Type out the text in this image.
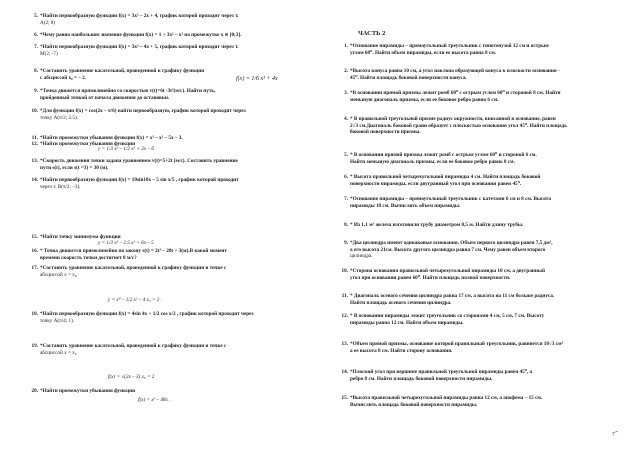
5. *Найти первообразную функции f(x) = 3x² – 2x + 4, график которой проходит через т.
A(2; 8)
6. *Чему равно наибольшее значение функции f(x) = 1 + 3x² – x³ на промежутке x ∈ [0;3].
7. *Найти первообразную функции f(x) = 3x² – 4x + 5, график которой проходит через т.
M(2; -7)
8. *Составить уравнение касательной, проведенной к графику функции
с абсциссой x₀ = – 2.
9. *Точка движется прямолинейно со скоростью v(t)=6t -3t²(м/с). Найти путь,
пройденный точкой от начала движения до остановки.
10. *Для функции f(x) = cos(2x – π/6) найти первообразную, график которой проходит через
точку A(π/2; 2.5).
11. *Найти промежутки убывания функции f(x) = x³ – x² – 5x – 3.
12. *Найти промежутки убывания функции
13. *Скорость движения точки задана уравнением v(t)=5+2t (м/с). Составить уравнение
пути s(t), если s(t =3) = 30 (м).
14. *Найти первообразную функции f(x) = 10sin10x – 5 sin x/5 , график которой проходит
через т. B(π/2; –3).
15. *Найти точку минимума функции
16. * Точка движется прямолинейно по закону s(t) = 2t³ – 20t + 3(м).В какой момент
времени скорость точки достигнет 8 м/с?
17. *Составить уравнение касательной, проведенной к графику функции в точке с
абсциссой x = x₀
18. *Найти первообразную функции f(x) = 4sin 4x + 1/2 cos x/2 , график которой проходит через
точку A(π/4; 1).
19. *Составить уравнение касательной, проведенной к графику функции в точке с
абсциссой x = x₀
20. *Найти промежутки убывания функции
f(x) = 1/6 x³ + 4x
y = 1/3 x³ – 1/2 x² + 2x – 6
y = 1/3 x³ – 2.5 x² + 6x – 5
y = x⁴ – 1/2 x² – 4 x₀ = 2 .
f(x) = √(2x – 3) x₀ = 2
f(x) = x³ – 48x .
ЧАСТЬ 2
1. *Основание пирамиды – прямоугольный треугольник с гипотенузой 12 см и острым
углом 60⁰. Найти объем пирамиды, если ее высота равна 8 см.
2. *Высота конуса равна 10 см, а угол наклона образующей конуса к плоскости основания -
45⁰. Найти площадь боковой поверхности конуса.
3. *В основании прямой призмы лежит ромб 60⁰ с острым углом 60⁰ и стороной 8 см. Найти
меньшую диагональ призмы, если ее боковое ребро равно 6 см.
4. * В правильной треугольной призме радиус окружности, вписанной в основание, равен
2√3 см.Диагональ боковой грани образует с плоскостью основания угол 45⁰. Найти площадь
боковой поверхности призмы.
5. * В основании прямой призмы лежит ромб с острым углом 60⁰ и стороной 6 см.
Найти меньшую диагональ призмы, если ее боковое ребро равно 8 см.
6. * Высота правильной четырехугольной пирамиды 4 см. Найти площадь боковой
поверхности пирамиды, если двугранный угол при основании равен 45⁰.
7. *Основание пирамиды – прямоугольный треугольник с катетами 6 см и 8 см. Высота
пирамиды 10 см. Вычислить объем пирамиды.
8. * Из 1,1 м³ железа изготовили трубу диаметром 0,5 м. Найти длину трубы.
9. *Два цилиндра имеют одинаковые основания. Объем первого цилиндра равен 7,5 дм³,
а его высота 21см. Высота другого цилиндра равна 7 см. Чему равен объем второго
цилиндра.
10. *Сторона основания правильной четырехугольной пирамиды 10 см, а двугранный
угол при основании равен 60⁰. Найти площадь полной поверхности.
11. * Диагональ осевого сечения цилиндра равна 17 см, а высота на 11 см больше радиуса.
Найти площадь осевого сечения цилиндра.
12. * В основании пирамиды лежит треугольник со сторонами 4 см, 5 см, 7 см. Высоту
пирамиды равна 12 см. Найти объем пирамиды.
13. *Объем прямой призмы, основание которой правильный треугольник, равняется 18√3 см³
а ее высота 8 см. Найти сторону основания.
14. *Плоский угол при вершине правильной треугольной пирамиды равен 45⁰, а
ребро 8 см. Найти площадь боковой поверхности пирамиды.
15. *Высота правильной четырехугольной пирамиды равна 12 см, а апофема – 15 см.
Вычислить площадь боковой поверхности пирамиды.
⌐
